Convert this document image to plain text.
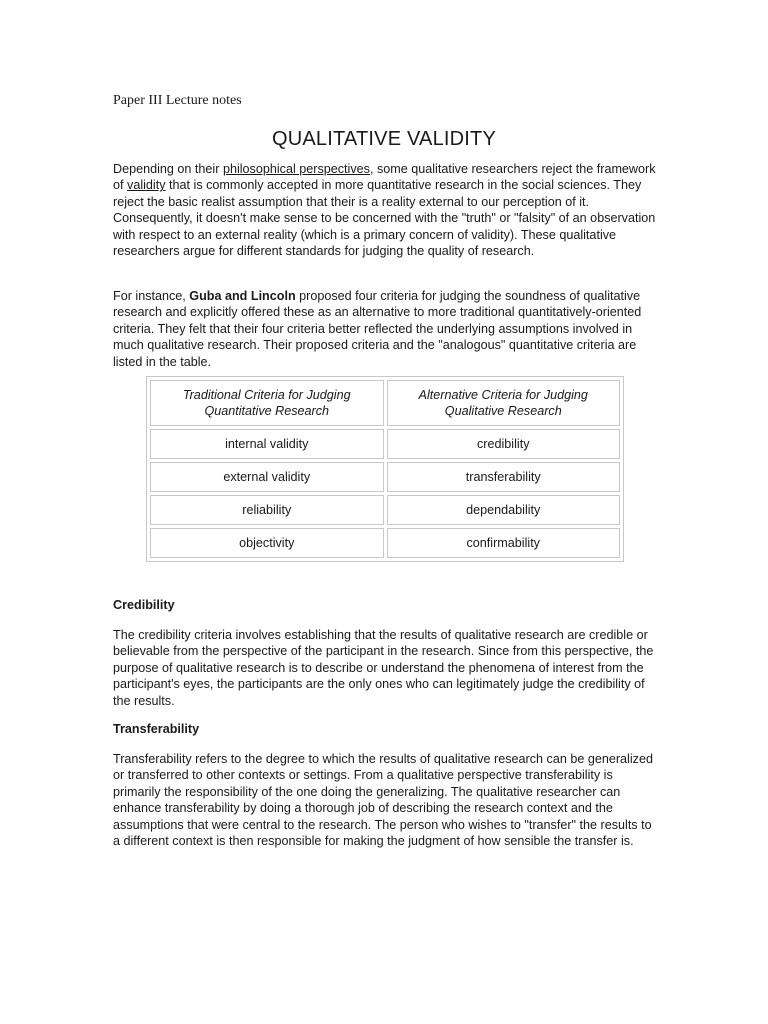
Paper III Lecture notes
QUALITATIVE VALIDITY

Depending on their philosophical perspectives, some qualitative researchers reject the framework of validity that is commonly accepted in more quantitative research in the social sciences. They reject the basic realist assumption that their is a reality external to our perception of it. Consequently, it doesn't make sense to be concerned with the "truth" or "falsity" of an observation with respect to an external reality (which is a primary concern of validity). These qualitative researchers argue for different standards for judging the quality of research.

For instance, Guba and Lincoln proposed four criteria for judging the soundness of qualitative research and explicitly offered these as an alternative to more traditional quantitatively-oriented criteria. They felt that their four criteria better reflected the underlying assumptions involved in much qualitative research. Their proposed criteria and the "analogous" quantitative criteria are listed in the table.

Traditional Criteria for Judging Quantitative Research	Alternative Criteria for Judging Qualitative Research
internal validity	credibility
external validity	transferability
reliability	dependability
objectivity	confirmability
Credibility

The credibility criteria involves establishing that the results of qualitative research are credible or believable from the perspective of the participant in the research. Since from this perspective, the purpose of qualitative research is to describe or understand the phenomena of interest from the participant's eyes, the participants are the only ones who can legitimately judge the credibility of the results.

Transferability

Transferability refers to the degree to which the results of qualitative research can be generalized or transferred to other contexts or settings. From a qualitative perspective transferability is primarily the responsibility of the one doing the generalizing. The qualitative researcher can enhance transferability by doing a thorough job of describing the research context and the assumptions that were central to the research. The person who wishes to "transfer" the results to a different context is then responsible for making the judgment of how sensible the transfer is.
